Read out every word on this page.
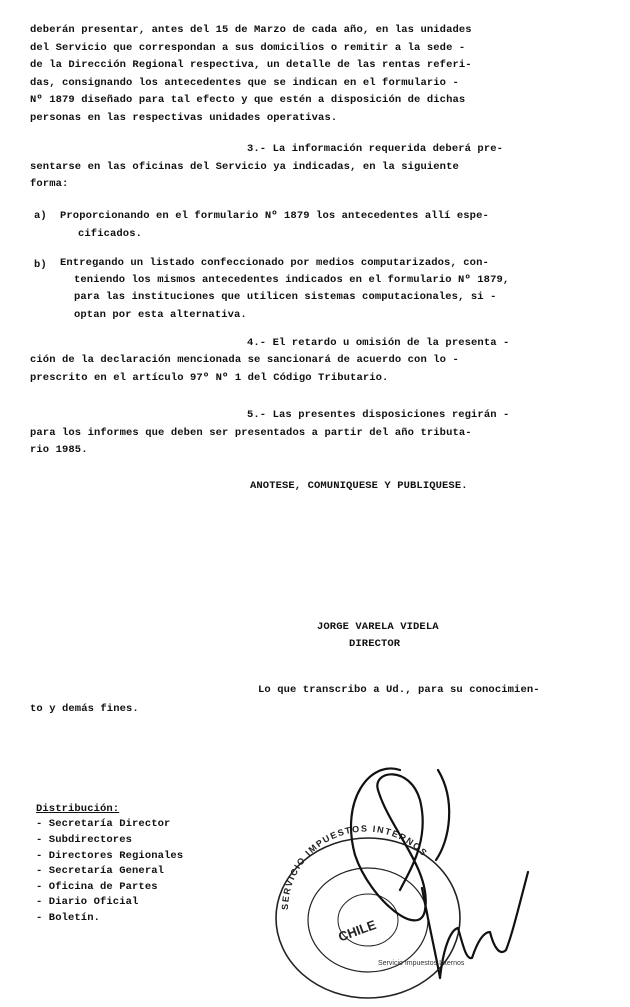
deberán presentar, antes del 15 de Marzo de cada año, en las unidades
del Servicio que correspondan a sus domicilios o remitir a la sede -
de la Dirección Regional respectiva, un detalle de las rentas referi-
das, consignando los antecedentes que se indican en el formulario -
Nº 1879 diseñado para tal efecto y que estén a disposición de dichas
personas en las respectivas unidades operativas.
3.- La información requerida deberá pre-
sentarse en las oficinas del Servicio ya indicadas, en la siguiente
forma:
a) Proporcionando en el formulario Nº 1879 los antecedentes allí espe-
cificados.
b) Entregando un listado confeccionado por medios computarizados, con-
teniendo los mismos antecedentes indicados en el formulario Nº 1879,
para las instituciones que utilicen sistemas computacionales, si -
optan por esta alternativa.
4.- El retardo u omisión de la presenta -
ción de la declaración mencionada se sancionará de acuerdo con lo -
prescrito en el artículo 97º Nº 1 del Código Tributario.
5.- Las presentes disposiciones regirán -
para los informes que deben ser presentados a partir del año tributa-
rio 1985.
ANOTESE, COMUNIQUESE Y PUBLIQUESE.
JORGE VARELA VIDELA
DIRECTOR
Lo que transcribo a Ud., para su conocimien-
to y demás fines.
Distribución:
- Secretaría Director
- Subdirectores
- Directores Regionales
- Secretaría General
- Oficina de Partes
- Diario Oficial
- Boletín.
SERVICIO IMPUESTOS INTERNOS
CHILE
Servicio Impuestos Internos
